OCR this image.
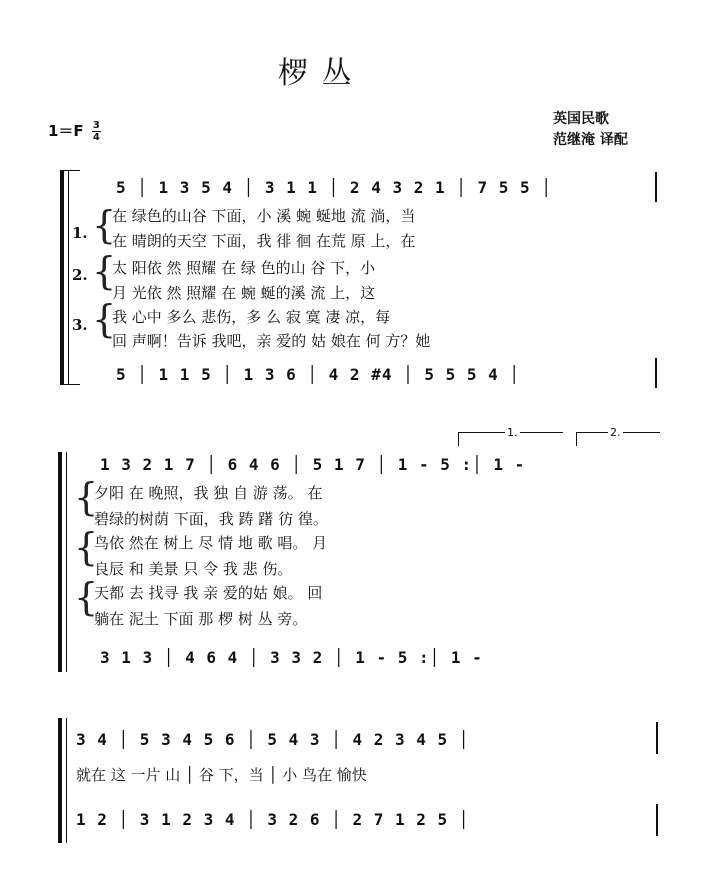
椤 丛
英国民歌
范继淹 译配
$1=F \frac{3}{4}$
5 │ 1 3 5 4 │ 3 1 1 │ 2 4 3 2 1 │ 7 5 5 │
1.
2.
3.
{
{
{
在 绿色的山谷 下面，小 溪 蜿 蜒地 流 淌，当
在 晴朗的天空 下面，我 徘 徊 在荒 原 上，在
太 阳依 然 照耀 在 绿 色的山 谷 下，小
月 光依 然 照耀 在 蜿 蜒的溪 流 上，这
我 心中 多么 悲伤，多 么 寂 寞 凄 凉，每
回 声啊！告诉 我吧，亲 爱的 姑 娘在 何 方？她
5 │ 1 1 5 │ 1 3 6 │ 4 2 #4 │ 5 5 5 4 │
1.	2.
1 3 2 1 7 │ 6 4 6 │ 5 1 7 │ 1 - 5 :│ 1 -
{
{
{
夕阳 在 晚照，我 独 自 游 荡。 在
碧绿的树荫 下面，我 踌 躇 彷 徨。
鸟依 然在 树上 尽 情 地 歌 唱。 月
良辰 和 美景 只 令 我 悲 伤。
天都 去 找寻 我 亲 爱的姑 娘。 回
躺在 泥土 下面 那 椤 树 丛 旁。
3 1 3 │ 4 6 4 │ 3 3 2 │ 1 - 5 :│ 1 -
3 4 │ 5 3 4 5 6 │ 5 4 3 │ 4 2 3 4 5 │
就在 这 一片 山 │ 谷 下，当 │ 小 鸟在 愉快
1 2 │ 3 1 2 3 4 │ 3 2 6 │ 2 7 1 2 5 │
